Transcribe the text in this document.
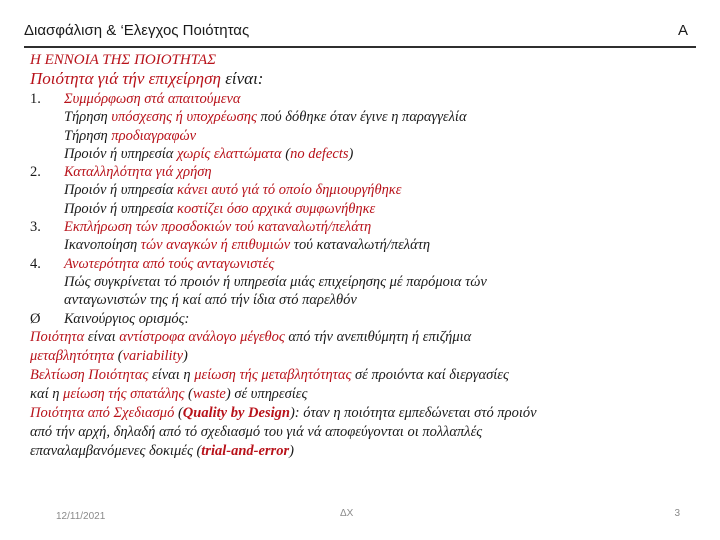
Διασφάλιση & ‘Ελεγχος Ποιότητας	A
Η ΕΝΝΟΙΑ ΤΗΣ ΠΟΙΟΤΗΤΑΣ
Ποιότητα γιά τήν επιχείρηση είναι:
1.	Συμμόρφωση στά απαιτούμενα
Τήρηση υπόσχεσης ή υποχρέωσης πού δόθηκε όταν έγινε η παραγγελία
Τήρηση προδιαγραφών
Προιόν ή υπηρεσία χωρίς ελαττώματα (no defects)
2.	Καταλληλότητα γιά χρήση
Προιόν ή υπηρεσία κάνει αυτό γιά τό οποίο δημιουργήθηκε
Προιόν ή υπηρεσία κοστίζει όσο αρχικά συμφωνήθηκε
3.	Εκπλήρωση τών προσδοκιών τού καταναλωτή/πελάτη
Ικανοποίηση τών αναγκών ή επιθυμιών τού καταναλωτή/πελάτη
4.	Ανωτερότητα από τούς ανταγωνιστές
Πώς συγκρίνεται τό προιόν ή υπηρεσία μιάς επιχείρησης μέ παρόμοια τών
ανταγωνιστών της ή καί από τήν ίδια στό παρελθόν
Ø	Καινούργιος ορισμός:
Ποιότητα είναι αντίστροφα ανάλογο μέγεθος από τήν ανεπιθύμητη ή επιζήμια
μεταβλητότητα (variability)
Βελτίωση Ποιότητας είναι η μείωση τής μεταβλητότητας σέ προιόντα καί διεργασίες
καί η μείωση τής σπατάλης (waste) σέ υπηρεσίες
Ποιότητα από Σχεδιασμό (Quality by Design): όταν η ποιότητα εμπεδώνεται στό προιόν
από τήν αρχή, δηλαδή από τό σχεδιασμό του γιά νά αποφεύγονται οι πολλαπλές
επαναλαμβανόμενες δοκιμές (trial-and-error)
12/11/2021	ΔΧ	3
